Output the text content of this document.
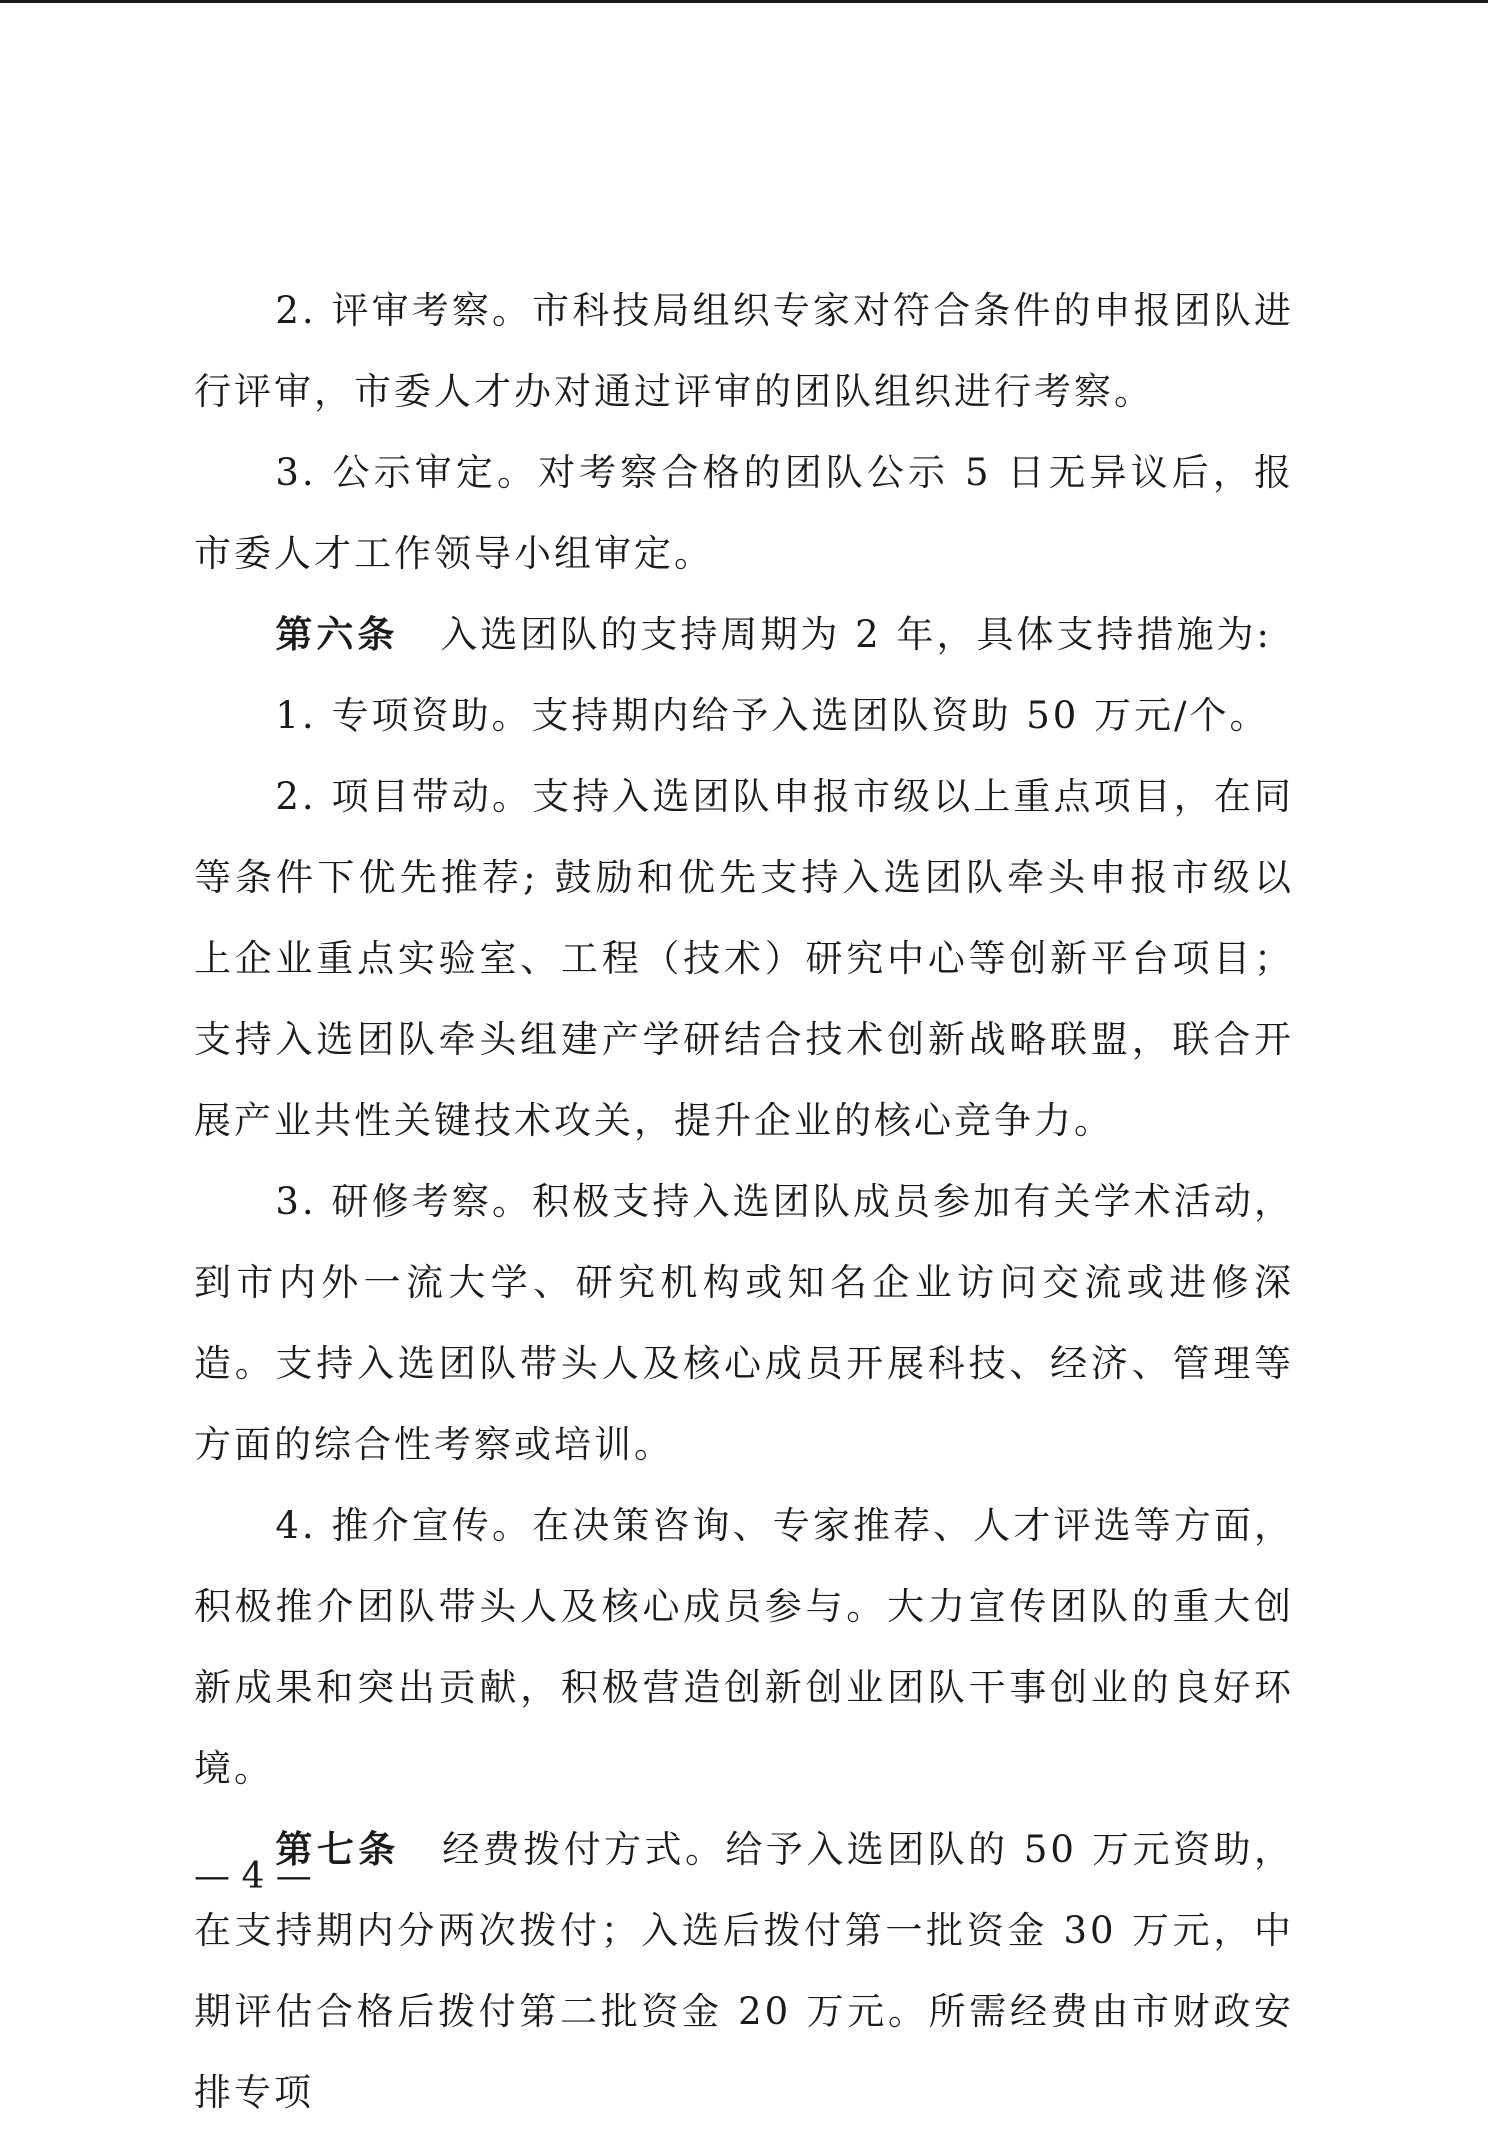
2. 评审考察。市科技局组织专家对符合条件的申报团队进行评审，市委人才办对通过评审的团队组织进行考察。

3. 公示审定。对考察合格的团队公示 5 日无异议后，报市委人才工作领导小组审定。

第六条 入选团队的支持周期为 2 年，具体支持措施为:

1. 专项资助。支持期内给予入选团队资助 50 万元/个。

2. 项目带动。支持入选团队申报市级以上重点项目，在同等条件下优先推荐; 鼓励和优先支持入选团队牵头申报市级以上企业重点实验室、工程（技术）研究中心等创新平台项目；支持入选团队牵头组建产学研结合技术创新战略联盟，联合开展产业共性关键技术攻关，提升企业的核心竞争力。

3. 研修考察。积极支持入选团队成员参加有关学术活动，到市内外一流大学、研究机构或知名企业访问交流或进修深造。支持入选团队带头人及核心成员开展科技、经济、管理等方面的综合性考察或培训。

4. 推介宣传。在决策咨询、专家推荐、人才评选等方面，积极推介团队带头人及核心成员参与。大力宣传团队的重大创新成果和突出贡献，积极营造创新创业团队干事创业的良好环境。

第七条 经费拨付方式。给予入选团队的 50 万元资助，在支持期内分两次拨付；入选后拨付第一批资金 30 万元，中期评估合格后拨付第二批资金 20 万元。所需经费由市财政安排专项

— 4 —
